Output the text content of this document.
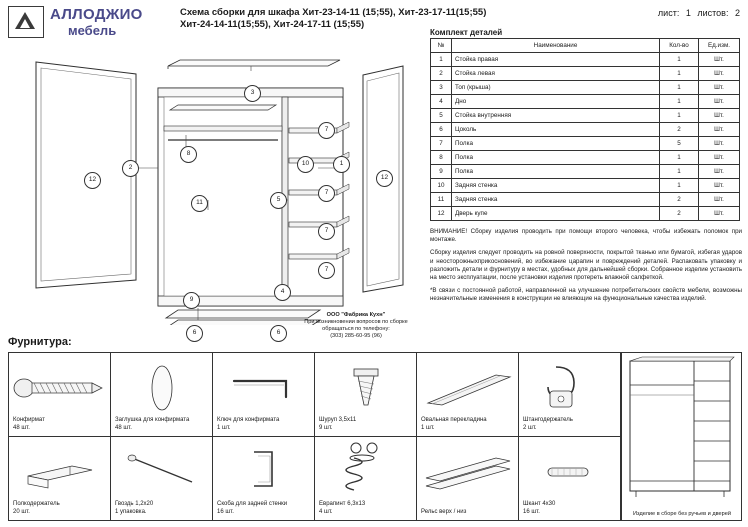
АЛЛОДЖИО
мебель
Схема сборки для шкафа Хит-23-14-11 (15;55), Хит-23-17-11(15;55)
Хит-24-14-11(15;55), Хит-24-17-11 (15;55)
лист: 1 листов: 2
Комплект деталей
№	Наименование	Кол-во	Ед.изм.
1	Стойка правая	1	Шт.
2	Стойка левая	1	Шт.
3	Топ (крыша)	1	Шт.
4	Дно	1	Шт.
5	Стойка внутренняя	1	Шт.
6	Цоколь	2	Шт.
7	Полка	5	Шт.
8	Полка	1	Шт.
9	Полка	1	Шт.
10	Задняя стенка	1	Шт.
11	Задняя стенка	2	Шт.
12	Дверь купе	2	Шт.

ВНИМАНИЕ! Сборку изделия проводить при помощи второго человека, чтобы избежать поломок при монтаже.

Сборку изделия следует проводить на ровной поверхности, покрытой тканью или бумагой, избегая ударов и неосторожныхприкосновений, во избежание царапин и повреждений деталей. Распаковать упаковку и разложить детали и фурнитуру в местах, удобных для дальнейшей сборки. Собранное изделие установить на место эксплуатации, после установки изделия протереть влажной салфеткой.

*В связи с постоянной работой, направленной на улучшение потребительских свойств мебели, возможны незначительные изменения в конструкции не влияющие на функциональные качества изделий.

3
2
8
10	1
12	12
11	5
7
7
7
7
9
4
6	6
ООО "Фабрика Кухн"
При возникновении вопросов по сборке
обращаться по телефону:
(303) 285-60-95 (96)
Фурнитура:
Конфирмат
48 шт.
Заглушка для конфирмата
48 шт.
Ключ для конфирмата
1 шт.
Шуруп 3,5х11
9 шт.
Овальная перекладина
1 шт.
Штангодержатель
2 шт.
Полкодержатель
20 шт.
Гвоздь 1,2х20
1 упаковка.
Скоба для задней стенки
16 шт.
Еврапинт 6,3х13
4 шт.	Рельс верх / низ

Шкант 4х30
16 шт.	Изделие в сборе без ручьев и дверей
